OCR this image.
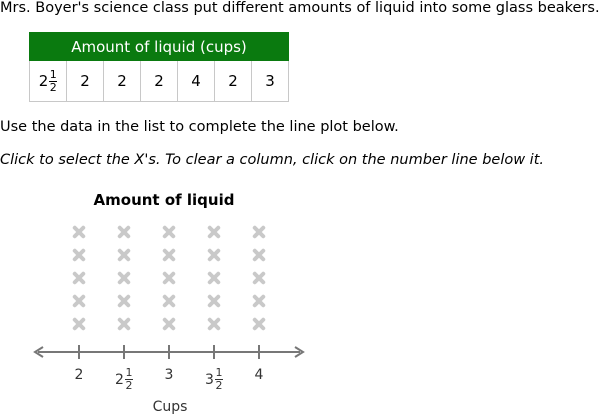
Mrs. Boyer's science class put different amounts of liquid into some glass beakers.
Amount of liquid (cups)

$2 \frac{1}{2}$	2	2	2	4	2	3
Use the data in the list to complete the line plot below.
Click to select the X's. To clear a column, click on the number line below it.
Amount of liquid
Cups
2 $2 \frac{1}{2} 3$ $3 \frac{1}{2} 4$
